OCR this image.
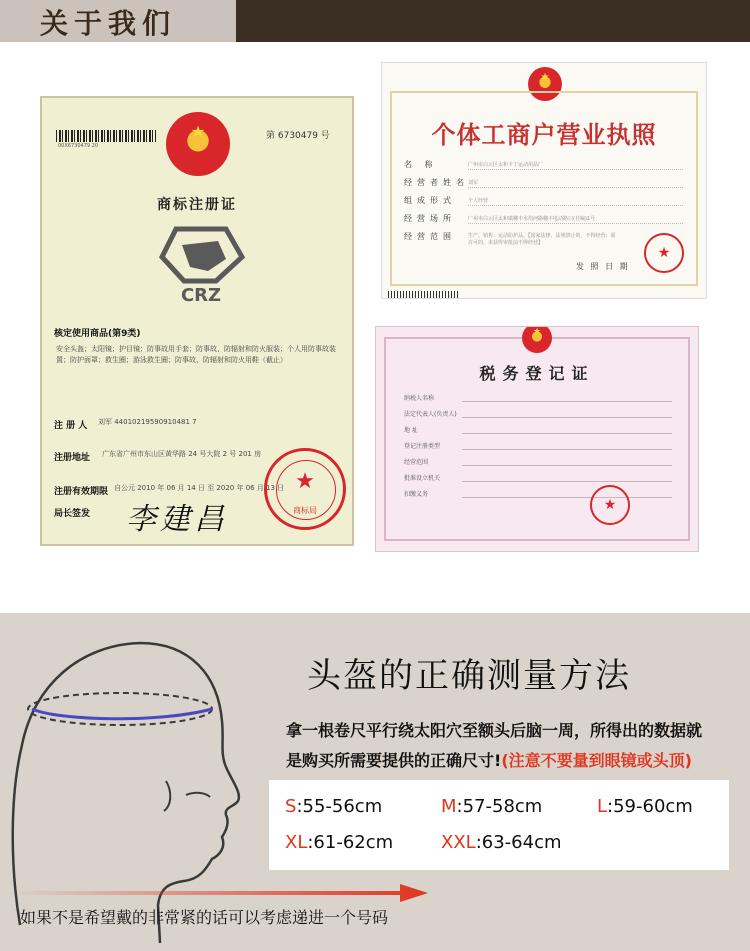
关于我们
00X6730479 20
★	第 6730479 号
商标注册证
CRZ
核定使用商品(第9类)
安全头盔；太阳镜；护目镜；防事故用手套；防事故、防辐射和防火服装；个人用防事故装置；防护面罩；救生圈；游泳救生圈；防事故、防辐射和防火用鞋（截止）
注 册 人 刘军 44010219590910481 7
注册地址 广东省广州市东山区黄华路 24 号大院 2 号 201 房
注册有效期限 自公元 2010 年 06 月 14 日 至 2020 年 06 月 13 日
局长签发 李建昌
★
商标局
★
个体工商户营业执照
名 称	广州市白云区太和卡丁运动用品厂
经营者姓名 刘军
组成形式 个人经营
经营场所 广州市白云区太和镇穗丰水均河路穗丰电动路口(自编)1号
经营范围 生产、销售：运动防护品。【国家法律、法规禁止的，不得经营；需许可的，未获得审批前不得经营】
★
发 照 日 期
★
税务登记证
纳税人名称
法定代表人(负责人)
地 址
登记注册类型
经营范围
批准设立机关
扣缴义务
★
头盔的正确测量方法
拿一根卷尺平行绕太阳穴至额头后脑一周，所得出的数据就
是购买所需要提供的正确尺寸!(注意不要量到眼镜或头顶)
S:55-56cm	M:57-58cm	L:59-60cm
XL:61-62cm	XXL:63-64cm
如果不是希望戴的非常紧的话可以考虑递进一个号码
